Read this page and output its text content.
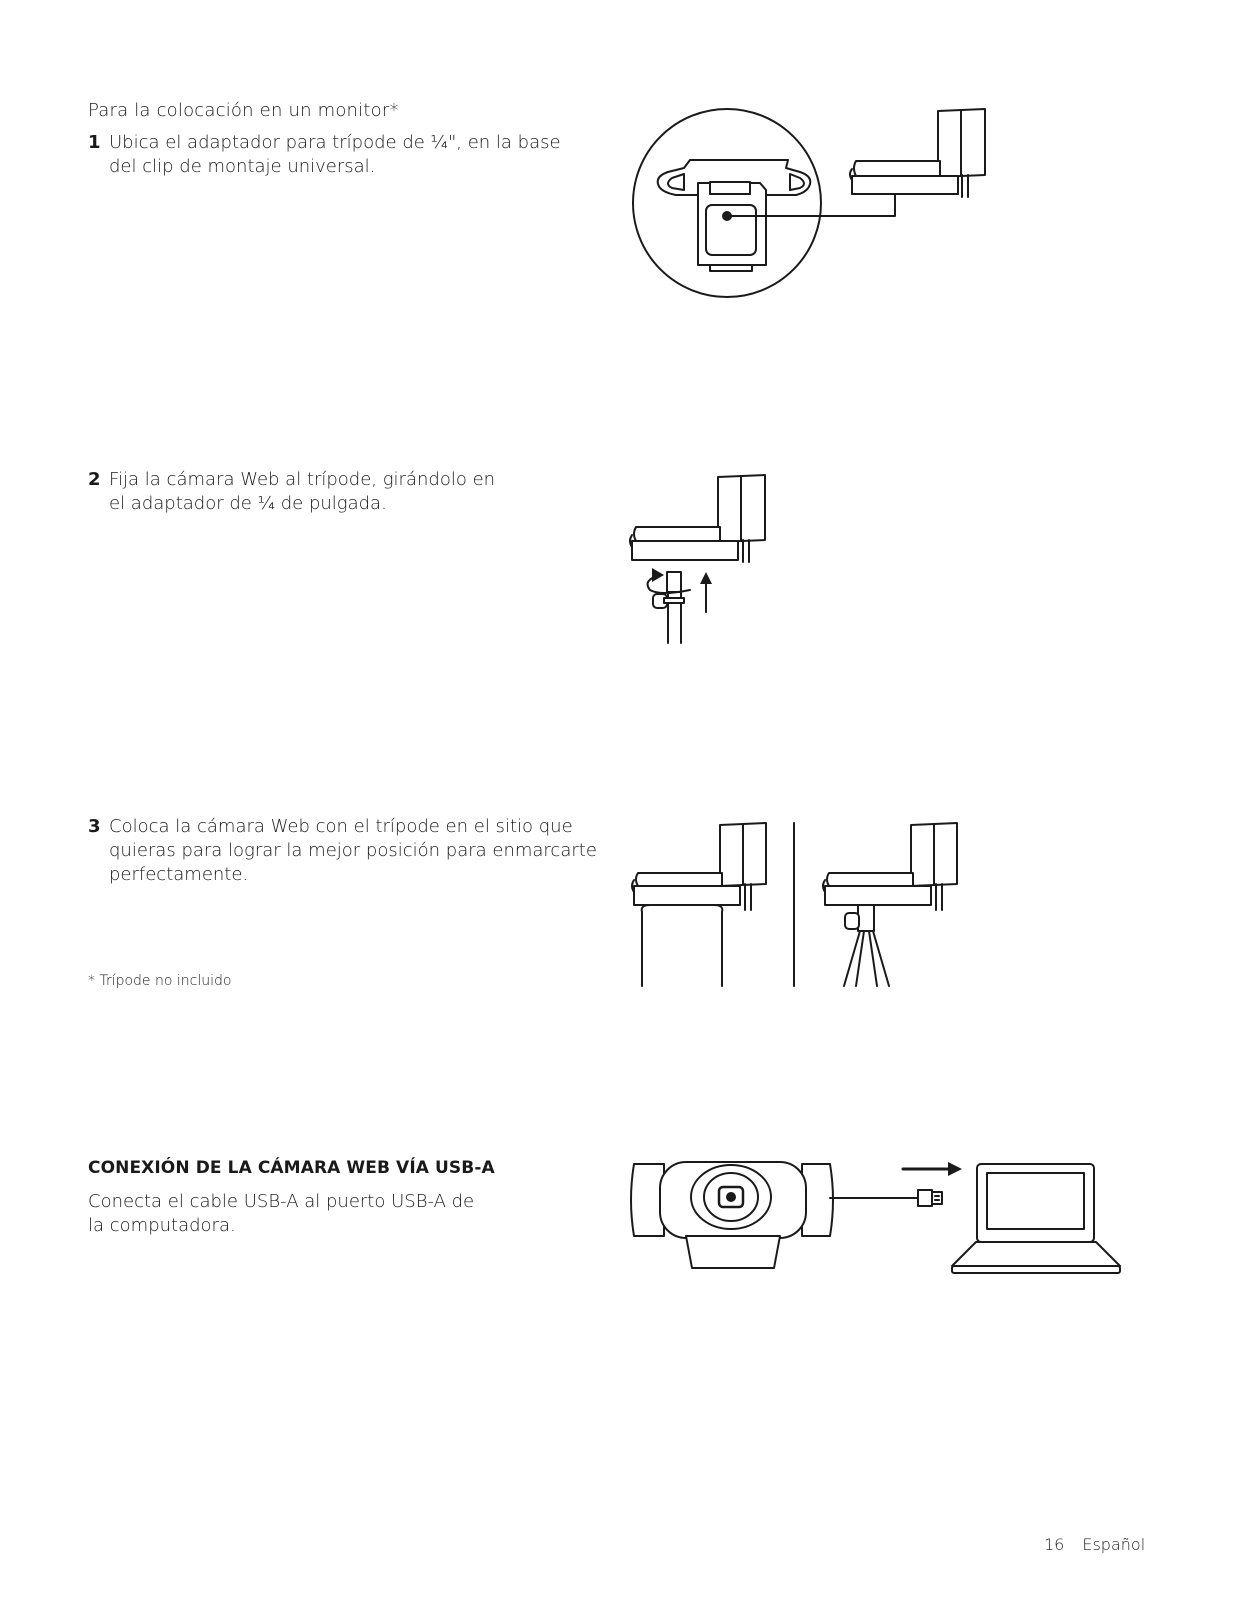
Para la colocación en un monitor*
1 Ubica el adaptador para trípode de ¼", en la base
del clip de montaje universal.
2 Fija la cámara Web al trípode, girándolo en
el adaptador de ¼ de pulgada.
3 Coloca la cámara Web con el trípode en el sitio que
quieras para lograr la mejor posición para enmarcarte
perfectamente.
* Trípode no incluido
CONEXIÓN DE LA CÁMARA WEB VÍA USB-A
Conecta el cable USB-A al puerto USB-A de
la computadora.
16 Español
